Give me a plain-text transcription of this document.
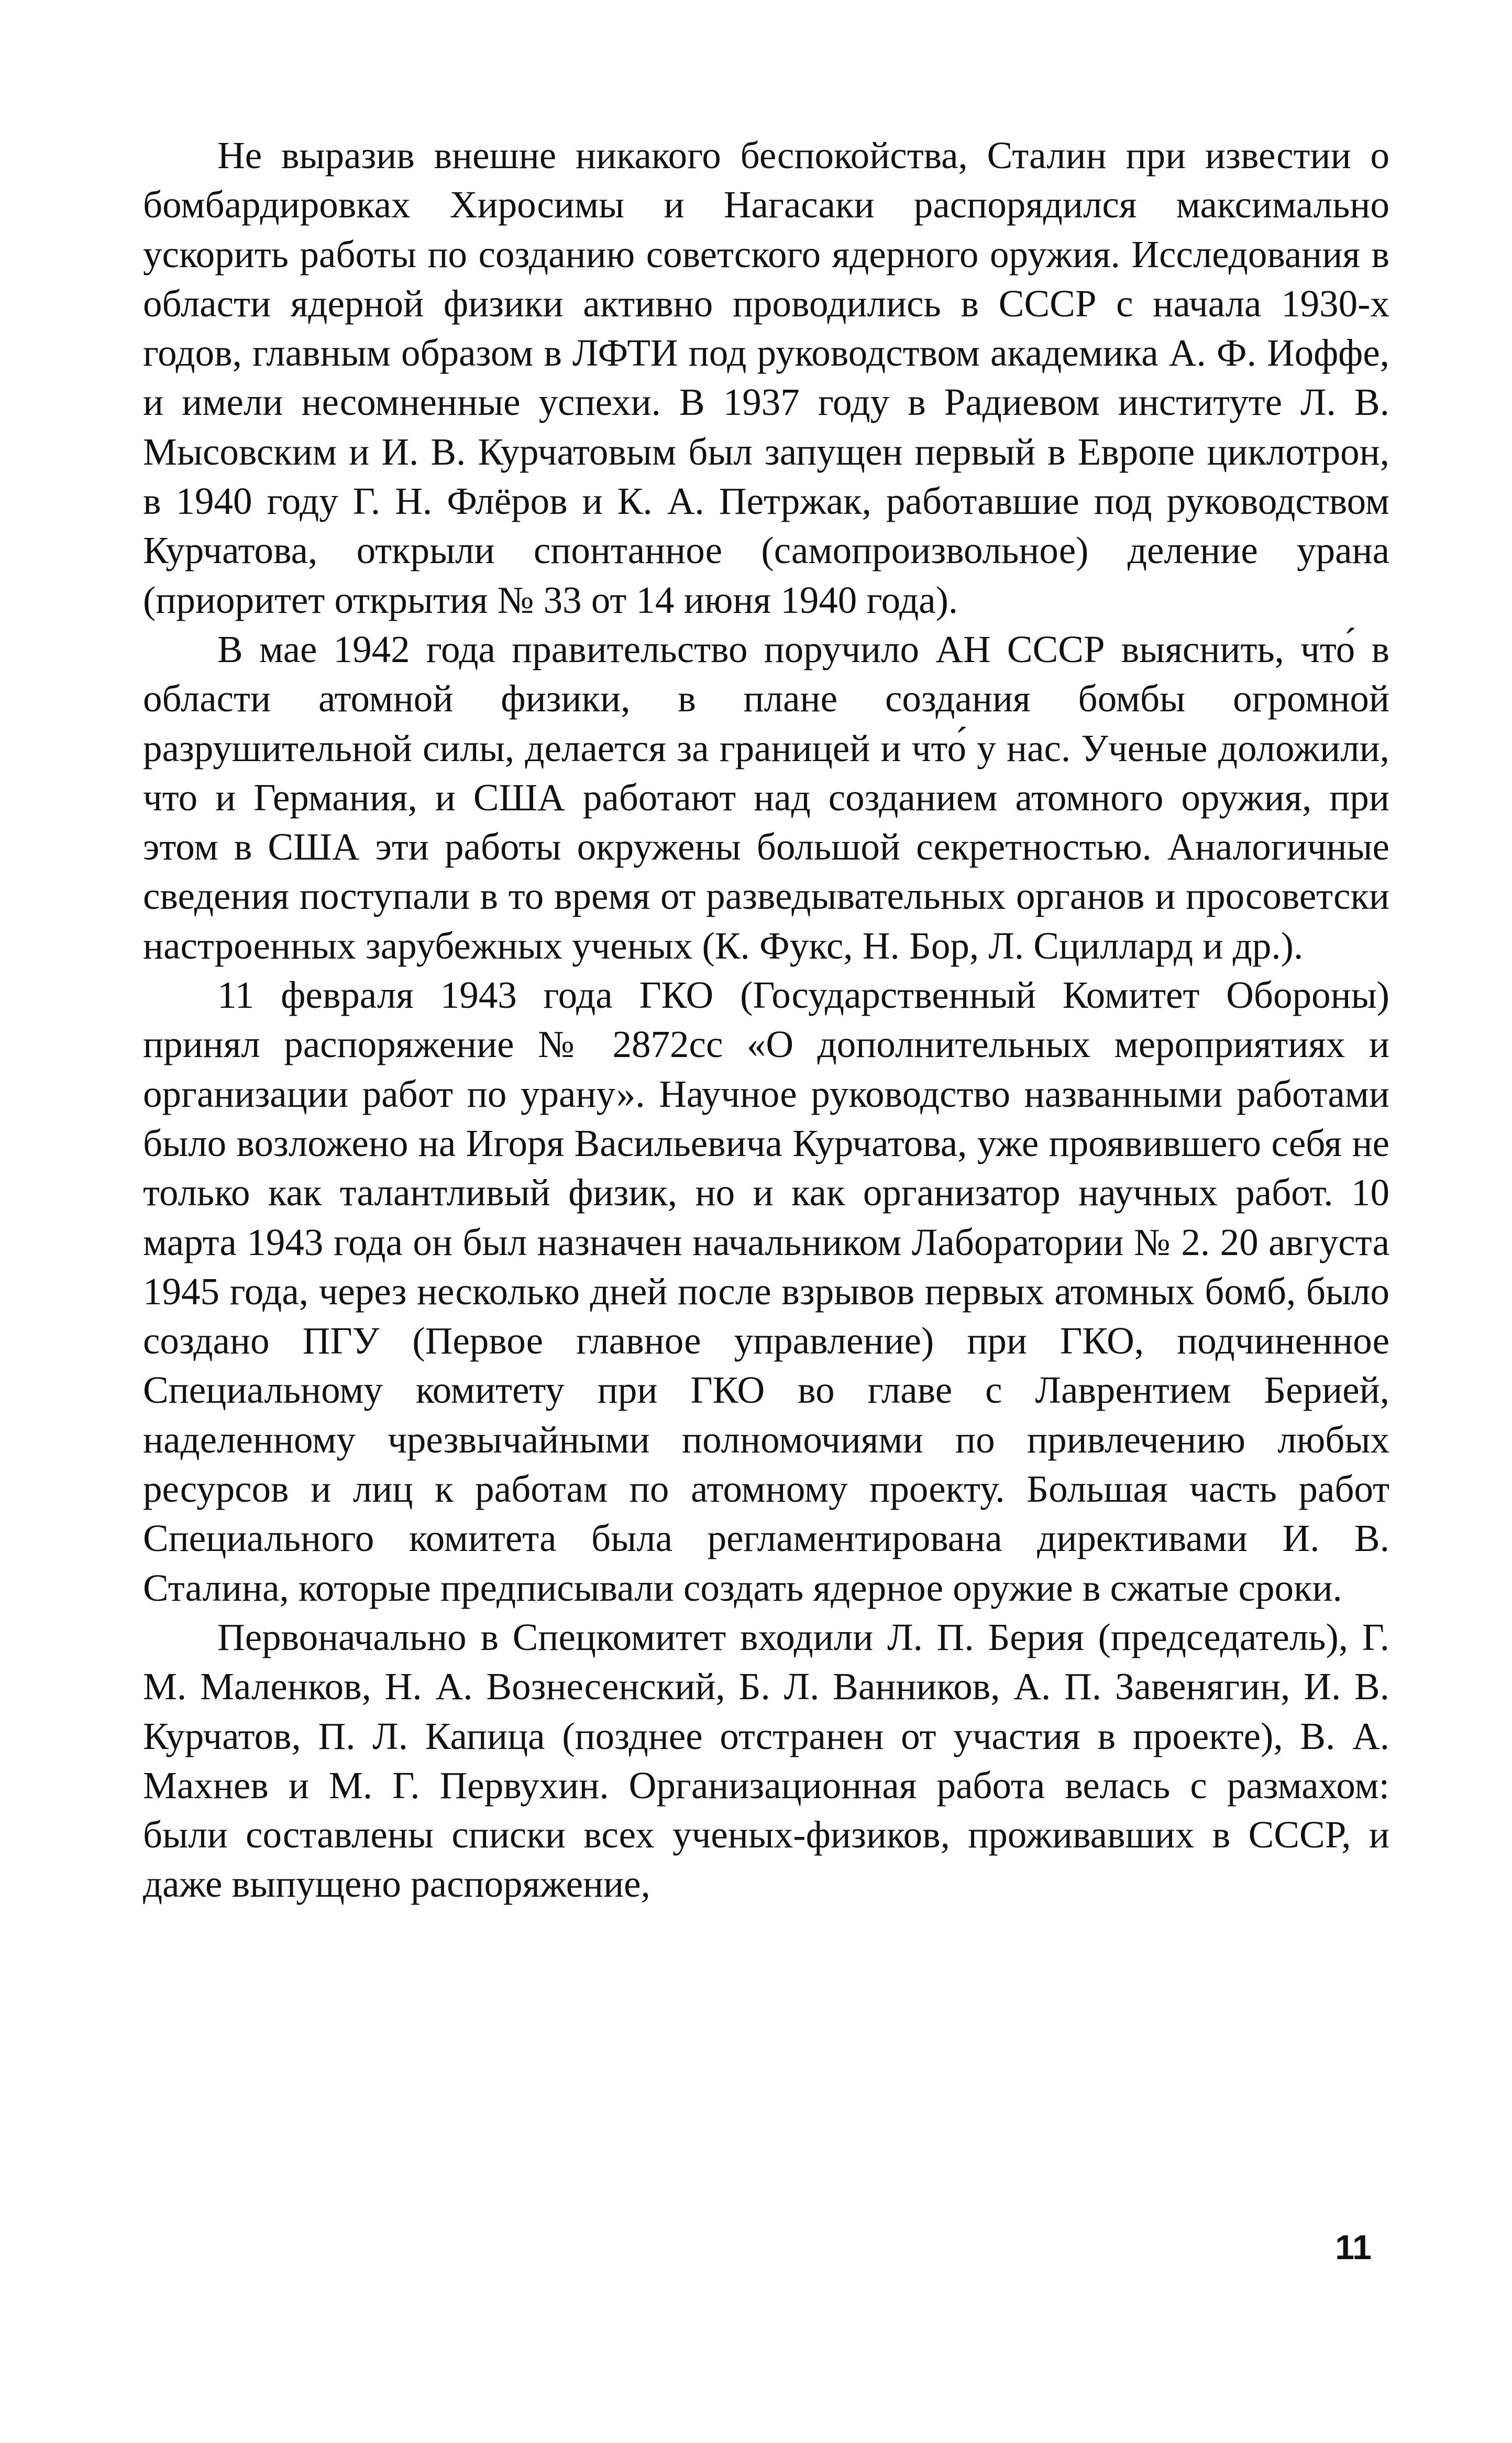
Не выразив внешне никакого беспокойства, Сталин при известии о бомбардировках Хиросимы и Нагасаки распорядился максимально ускорить работы по созданию советского ядерного оружия. Исследования в области ядерной физики активно проводились в СССР с начала 1930-х годов, главным образом в ЛФТИ под руководством академика А. Ф. Иоффе, и имели несомненные успехи. В 1937 году в Радиевом институте Л. В. Мысовским и И. В. Курчатовым был запущен первый в Европе циклотрон, в 1940 году Г. Н. Флёров и К. А. Петржак, работавшие под руководством Курчатова, открыли спонтанное (самопроизвольное) деление урана (приоритет открытия № 33 от 14 июня 1940 года).

В мае 1942 года правительство поручило АН СССР выяснить, что́ в области атомной физики, в плане создания бомбы огромной разрушительной силы, делается за границей и что́ у нас. Ученые доложили, что и Германия, и США работают над созданием атомного оружия, при этом в США эти работы окружены большой секретностью. Аналогичные сведения поступали в то время от разведывательных органов и просоветски настроенных зарубежных ученых (К. Фукс, Н. Бор, Л. Сциллард и др.).

11 февраля 1943 года ГКО (Государственный Комитет Обороны) принял распоряжение № 2872сс «О дополнительных мероприятиях и организации работ по урану». Научное руководство названными работами было возложено на Игоря Васильевича Курчатова, уже проявившего себя не только как талантливый физик, но и как организатор научных работ. 10 марта 1943 года он был назначен начальником Лаборатории № 2. 20 августа 1945 года, через несколько дней после взрывов первых атомных бомб, было создано ПГУ (Первое главное управление) при ГКО, подчиненное Специальному комитету при ГКО во главе с Лаврентием Берией, наделенному чрезвычайными полномочиями по привлечению любых ресурсов и лиц к работам по атомному проекту. Большая часть работ Специального комитета была регламентирована директивами И. В. Сталина, которые предписывали создать ядерное оружие в сжатые сроки.

Первоначально в Спецкомитет входили Л. П. Берия (председатель), Г. М. Маленков, Н. А. Вознесенский, Б. Л. Ванников, А. П. Завенягин, И. В. Курчатов, П. Л. Капица (позднее отстранен от участия в проекте), В. А. Махнев и М. Г. Первухин. Организационная работа велась с размахом: были составлены списки всех ученых-физиков, проживавших в СССР, и даже выпущено распоряжение,

11
